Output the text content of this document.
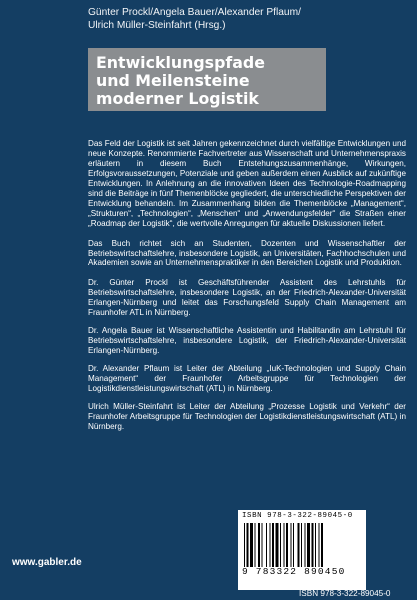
Günter Prockl/Angela Bauer/Alexander Pflaum/
Ulrich Müller-Steinfahrt (Hrsg.)
Entwicklungspfade
und Meilensteine
moderner Logistik

Das Feld der Logistik ist seit Jahren gekennzeichnet durch vielfältige Entwicklungen und neue Konzepte. Renommierte Fachvertreter aus Wissenschaft und Unternehmenspraxis erläutern in diesem Buch Entstehungszusammenhänge, Wirkungen, Erfolgsvoraussetzungen, Potenziale und geben außerdem einen Ausblick auf zukünftige Entwicklungen. In Anlehnung an die innovativen Ideen des Technologie-Roadmapping sind die Beiträge in fünf Themenblöcke gegliedert, die unterschiedliche Perspektiven der Entwicklung behandeln. Im Zusammenhang bilden die Themenblöcke „Management“, „Strukturen“, „Technologien“, „Menschen“ und „Anwendungsfelder“ die Straßen einer „Roadmap der Logistik“, die wertvolle Anregungen für aktuelle Diskussionen liefert.

Das Buch richtet sich an Studenten, Dozenten und Wissenschaftler der Betriebswirtschaftslehre, insbesondere Logistik, an Universitäten, Fachhochschulen und Akademien sowie an Unternehmenspraktiker in den Bereichen Logistik und Produktion.

Dr. Günter Prockl ist Geschäftsführender Assistent des Lehrstuhls für Betriebswirtschaftslehre, insbesondere Logistik, an der Friedrich-Alexander-Universität Erlangen-Nürnberg und leitet das Forschungsfeld Supply Chain Management am Fraunhofer ATL in Nürnberg.

Dr. Angela Bauer ist Wissenschaftliche Assistentin und Habilitandin am Lehrstuhl für Betriebswirtschaftslehre, insbesondere Logistik, der Friedrich-Alexander-Universität Erlangen-Nürnberg.

Dr. Alexander Pflaum ist Leiter der Abteilung „IuK-Technologien und Supply Chain Management“ der Fraunhofer Arbeitsgruppe für Technologien der Logistikdienstleistungswirtschaft (ATL) in Nürnberg.

Ulrich Müller-Steinfahrt ist Leiter der Abteilung „Prozesse Logistik und Verkehr“ der Fraunhofer Arbeitsgruppe für Technologien der Logistikdienstleistungswirtschaft (ATL) in Nürnberg.

ISBN 978-3-322-89045-0
9 783322 890450
ISBN 978-3-322-89045-0
www.gabler.de
